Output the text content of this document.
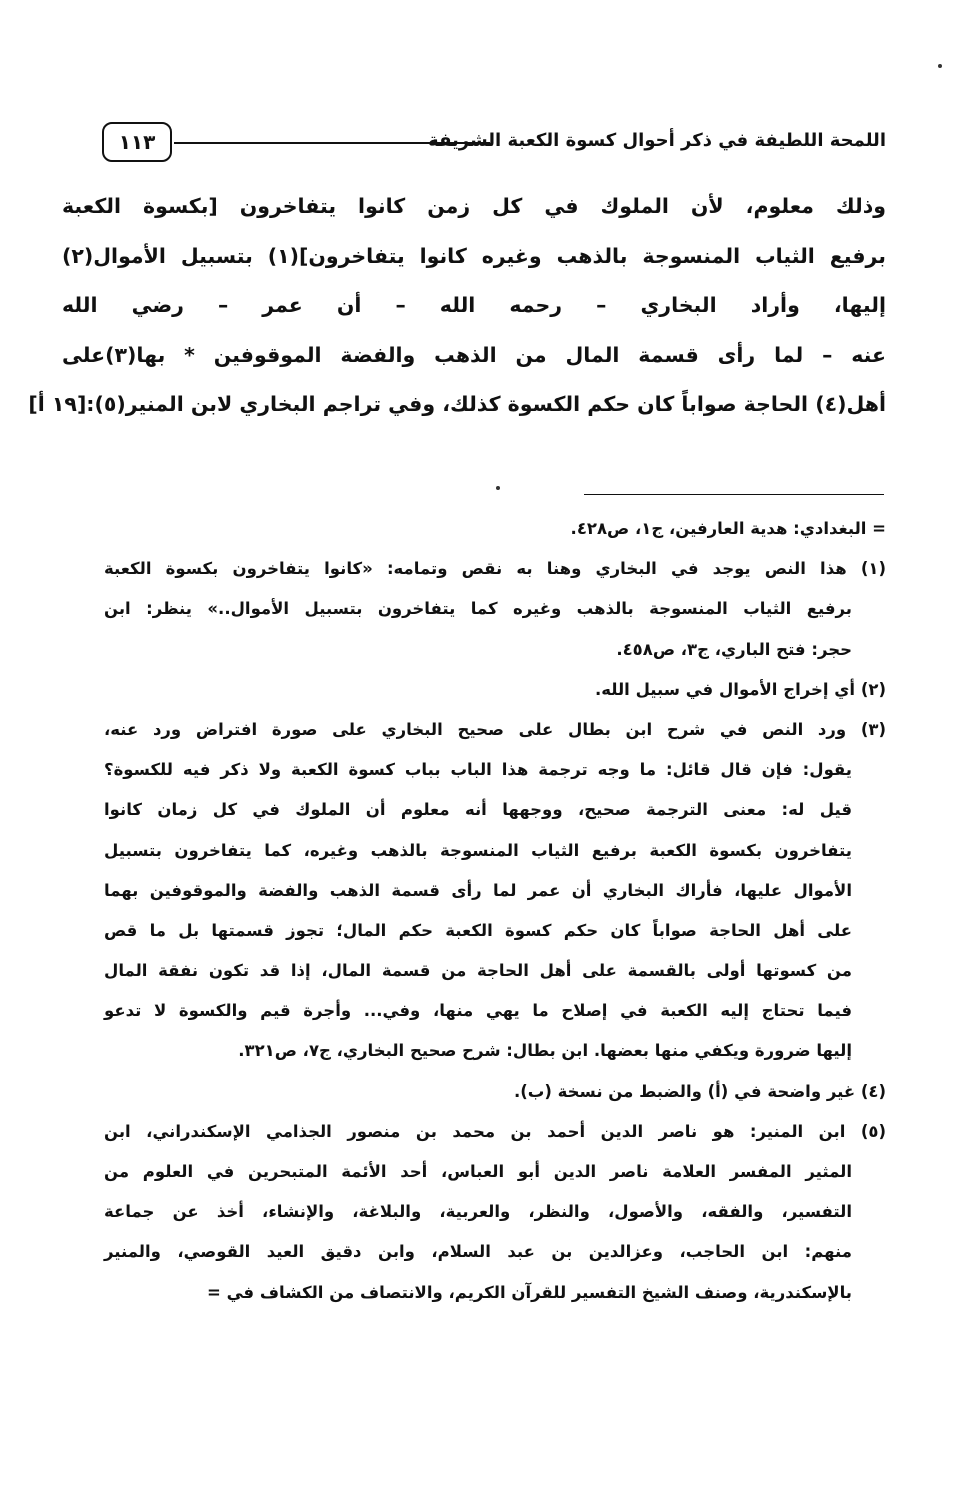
اللمحة اللطيفة في ذكر أحوال كسوة الكعبة الشريفة
١١٣
وذلك معلوم، لأن الملوك في كل زمن كانوا يتفاخرون [بكسوة الكعبة
برفيع الثياب المنسوجة بالذهب وغيره كانوا يتفاخرون](١) بتسبيل الأموال(٢)
إليها، وأراد البخاري – رحمه الله – أن عمر – رضي الله
عنه – لما رأى قسمة المال من الذهب والفضة الموقوفين * بها(٣)على
أهل(٤) الحاجة صواباً كان حكم الكسوة كذلك، وفي تراجم البخاري لابن المنير(٥):[١٩ أ]
= البغدادي: هدية العارفين، ج١، ص٤٢٨.
(١) هذا النص يوجد في البخاري وهنا به نقص وتمامه: «كانوا يتفاخرون بكسوة الكعبة
برفيع الثياب المنسوجة بالذهب وغيره كما يتفاخرون بتسبيل الأموال..» ينظر: ابن
حجر: فتح الباري، ج٣، ص٤٥٨.
(٢) أي إخراج الأموال في سبيل الله.
(٣) ورد النص في شرح ابن بطال على صحيح البخاري على صورة افتراض ورد عنه،
يقول: فإن قال قائل: ما وجه ترجمة هذا الباب بباب كسوة الكعبة ولا ذكر فيه للكسوة؟
قيل له: معنى الترجمة صحيح، ووجهها أنه معلوم أن الملوك في كل زمان كانوا
يتفاخرون بكسوة الكعبة برفيع الثياب المنسوجة بالذهب وغيره، كما يتفاخرون بتسبيل
الأموال عليها، فأراك البخاري أن عمر لما رأى قسمة الذهب والفضة والموقوفين بهما
على أهل الحاجة صواباً كان حكم كسوة الكعبة حكم المال؛ تجوز قسمتها بل ما قص
من كسوتها أولى بالقسمة على أهل الحاجة من قسمة المال، إذا قد تكون نفقة المال
فيما تحتاج إليه الكعبة في إصلاح ما يهي منها، وفي... وأجرة قيم والكسوة لا تدعو
إليها ضرورة ويكفي منها بعضها. ابن بطال: شرح صحيح البخاري، ج٧، ص٣٢١.
(٤) غير واضحة في (أ) والضبط من نسخة (ب).
(٥) ابن المنير: هو ناصر الدين أحمد بن محمد بن منصور الجذامي الإسكندراني، ابن
المثير المفسر العلامة ناصر الدين أبو العباس، أحد الأئمة المتبحرين في العلوم من
التفسير، والفقه، والأصول، والنظر، والعربية، والبلاغة، والإنشاء، أخذ عن جماعة
منهم: ابن الحاجب، وعزالدين بن عبد السلام، وابن دقيق العيد القوصي، والمنير
بالإسكندرية، وصنف الشيخ التفسير للقرآن الكريم، والانتصاف من الكشاف في =
